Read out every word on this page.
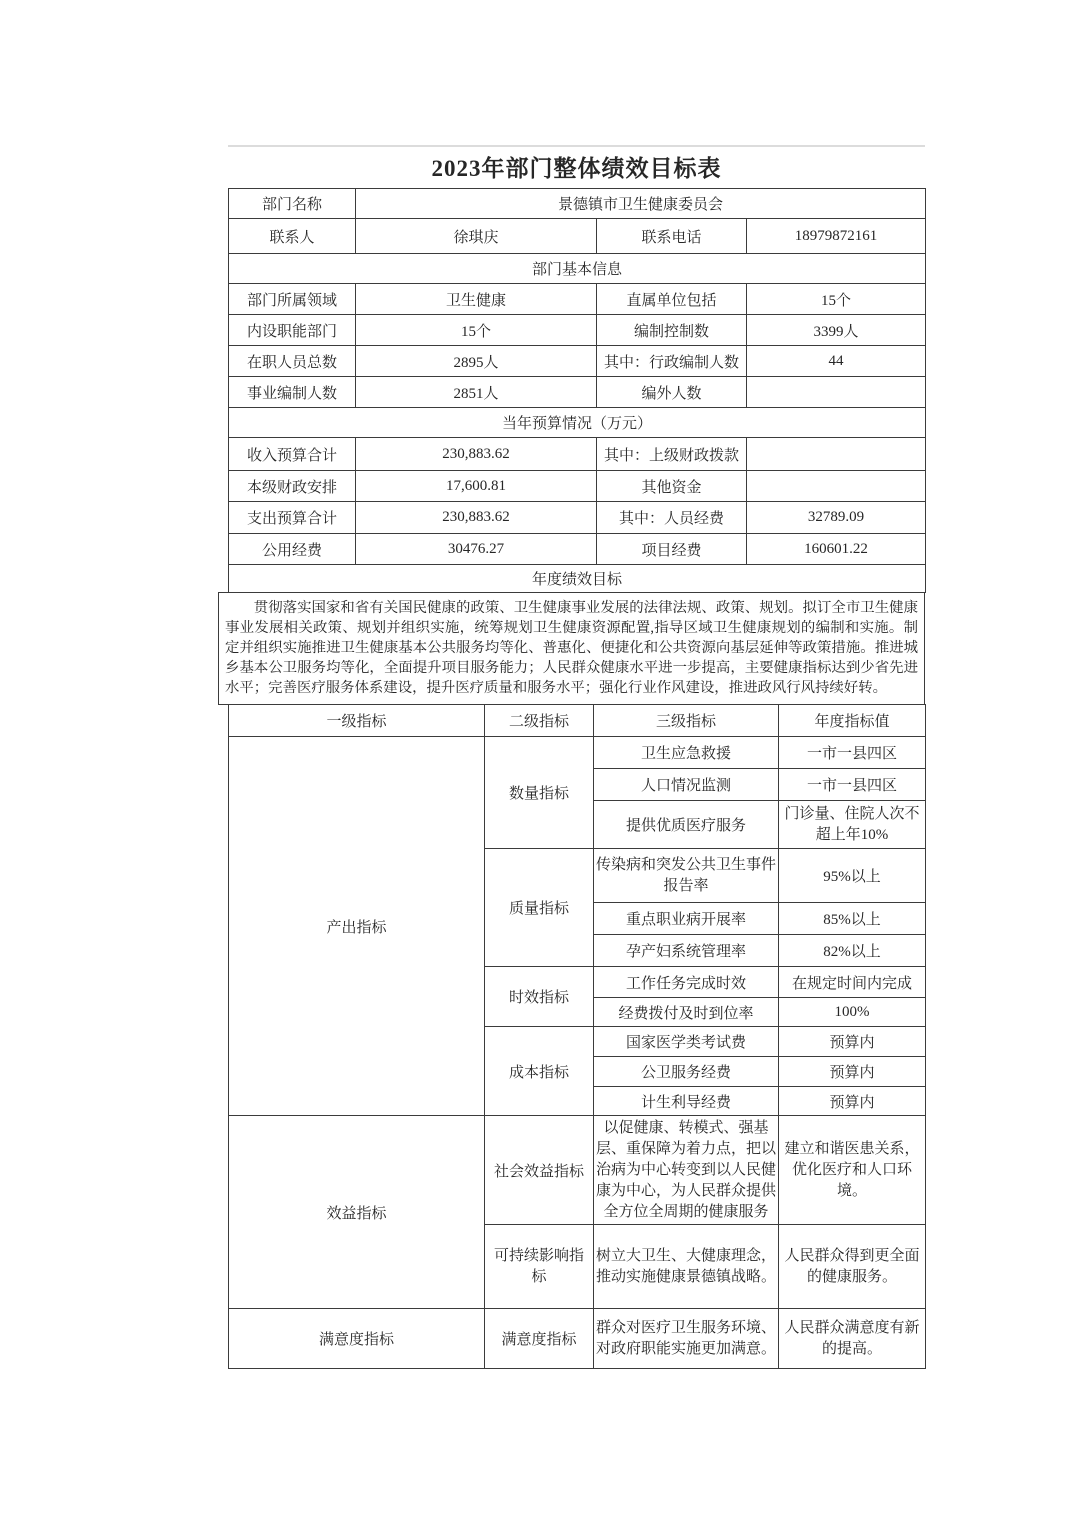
2023年部门整体绩效目标表
部门名称	景德镇市卫生健康委员会		
联系人	徐琪庆	联系电话	18979872161
部门基本信息			
部门所属领域	卫生健康	直属单位包括	15个
内设职能部门	15个	编制控制数	3399人
在职人员总数	2895人	其中：行政编制人数	44
事业编制人数	2851人	编外人数	
当年预算情况（万元）			
收入预算合计	230,883.62	其中：上级财政拨款	
本级财政安排	17,600.81	其他资金	
支出预算合计	230,883.62	其中：人员经费	32789.09
公用经费	30476.27	项目经费	160601.22
年度绩效目标			
贯彻落实国家和省有关国民健康的政策、卫生健康事业发展的法律法规、政策、规划。拟订全市卫生健康事业发展相关政策、规划并组织实施，统筹规划卫生健康资源配置,指导区域卫生健康规划的编制和实施。制定并组织实施推进卫生健康基本公共服务均等化、普惠化、便捷化和公共资源向基层延伸等政策措施。推进城乡基本公卫服务均等化，全面提升项目服务能力；人民群众健康水平进一步提高，主要健康指标达到少省先进水平；完善医疗服务体系建设，提升医疗质量和服务水平；强化行业作风建设，推进政风行风持续好转。
一级指标	二级指标	三级指标	年度指标值
产出指标	数量指标	卫生应急救援	一市一县四区
		人口情况监测	一市一县四区
		提供优质医疗服务	门诊量、住院人次不超上年10%
	质量指标	传染病和突发公共卫生事件报告率	95%以上
		重点职业病开展率	85%以上
		孕产妇系统管理率	82%以上
	时效指标	工作任务完成时效	在规定时间内完成
		经费拨付及时到位率	100%
	成本指标	国家医学类考试费	预算内
		公卫服务经费	预算内
		计生利导经费	预算内
效益指标	社会效益指标	以促健康、转模式、强基层、重保障为着力点，把以治病为中心转变到以人民健康为中心，为人民群众提供全方位全周期的健康服务	建立和谐医患关系，优化医疗和人口环境。
	可持续影响指标	树立大卫生、大健康理念，推动实施健康景德镇战略。	人民群众得到更全面的健康服务。
满意度指标	满意度指标	群众对医疗卫生服务环境、对政府职能实施更加满意。	人民群众满意度有新的提高。
